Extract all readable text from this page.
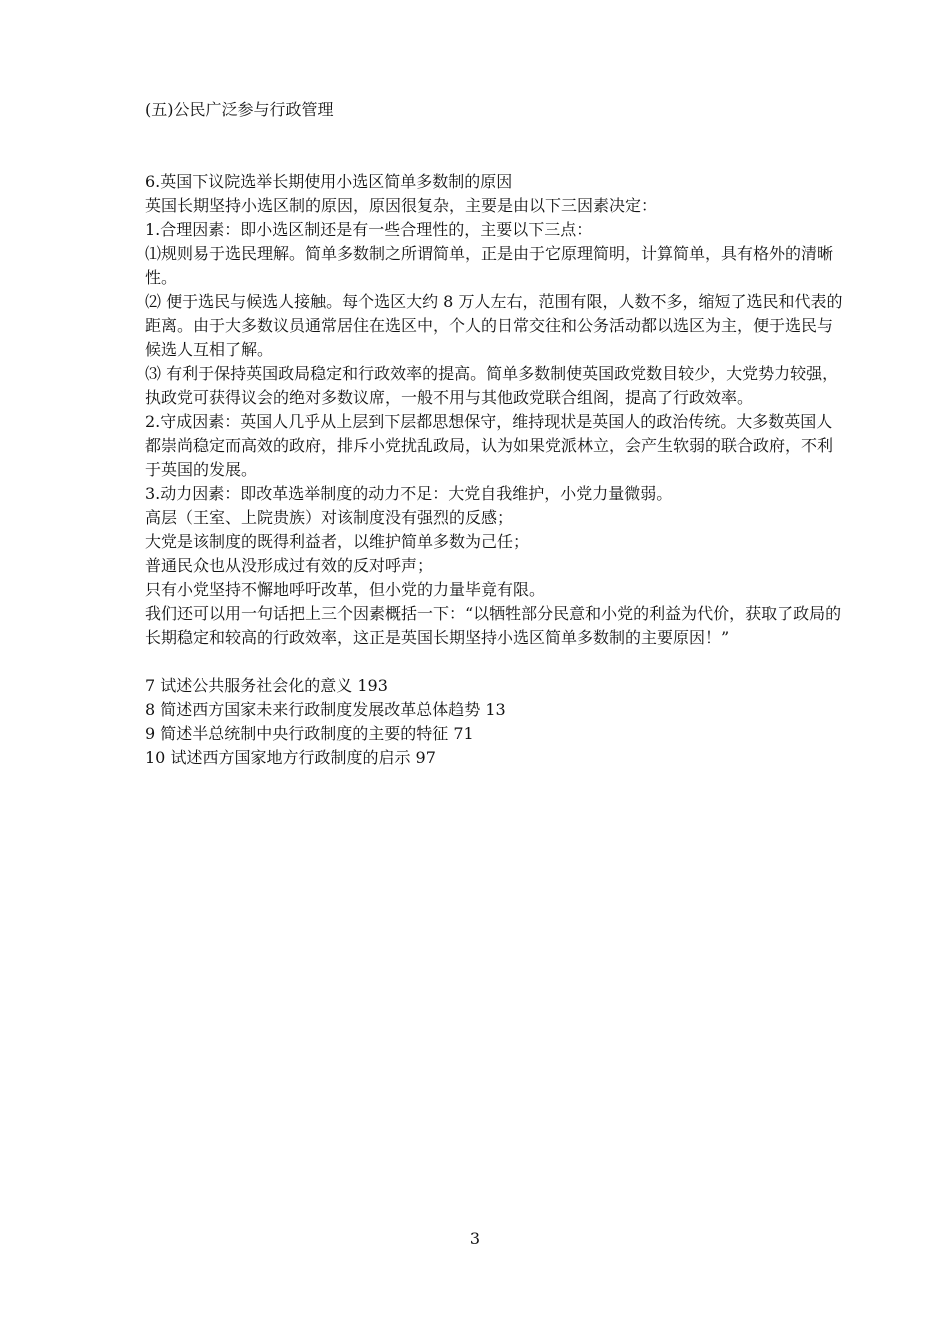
(五)公民广泛参与行政管理

6.英国下议院选举长期使用小选区简单多数制的原因

英国长期坚持小选区制的原因，原因很复杂，主要是由以下三因素决定：

1.合理因素：即小选区制还是有一些合理性的，主要以下三点：

⑴规则易于选民理解。简单多数制之所谓简单，正是由于它原理简明，计算简单，具有格外的清晰性。

⑵ 便于选民与候选人接触。每个选区大约 8 万人左右，范围有限，人数不多，缩短了选民和代表的距离。由于大多数议员通常居住在选区中，个人的日常交往和公务活动都以选区为主，便于选民与候选人互相了解。

⑶ 有利于保持英国政局稳定和行政效率的提高。简单多数制使英国政党数目较少，大党势力较强，执政党可获得议会的绝对多数议席，一般不用与其他政党联合组阁，提高了行政效率。

2.守成因素：英国人几乎从上层到下层都思想保守，维持现状是英国人的政治传统。大多数英国人都崇尚稳定而高效的政府，排斥小党扰乱政局，认为如果党派林立，会产生软弱的联合政府，不利于英国的发展。

3.动力因素：即改革选举制度的动力不足：大党自我维护，小党力量微弱。

高层（王室、上院贵族）对该制度没有强烈的反感；

大党是该制度的既得利益者，以维护简单多数为己任；

普通民众也从没形成过有效的反对呼声；

只有小党坚持不懈地呼吁改革，但小党的力量毕竟有限。

我们还可以用一句话把上三个因素概括一下：“以牺牲部分民意和小党的利益为代价，获取了政局的长期稳定和较高的行政效率，这正是英国长期坚持小选区简单多数制的主要原因！”

7 试述公共服务社会化的意义 193

8 简述西方国家未来行政制度发展改革总体趋势 13

9 简述半总统制中央行政制度的主要的特征 71

10 试述西方国家地方行政制度的启示 97

3
